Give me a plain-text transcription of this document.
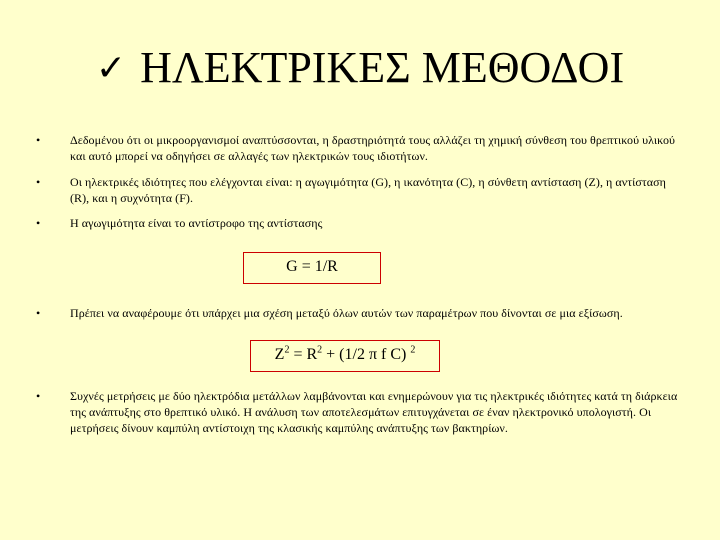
✓ ΗΛΕΚΤΡΙΚΕΣ ΜΕΘΟΔΟΙ
• Δεδομένου ότι οι μικροοργανισμοί αναπτύσσονται, η δραστηριότητά τους αλλάζει τη χημική σύνθεση του θρεπτικού υλικού και αυτό μπορεί να οδηγήσει σε αλλαγές των ηλεκτρικών τους ιδιοτήτων.
• Οι ηλεκτρικές ιδιότητες που ελέγχονται είναι: η αγωγιμότητα (G), η ικανότητα (C), η σύνθετη αντίσταση (Ζ), η αντίσταση (R), και η συχνότητα (F).
• Η αγωγιμότητα είναι το αντίστροφο της αντίστασης
G = 1/R
• Πρέπει να αναφέρουμε ότι υπάρχει μια σχέση μεταξύ όλων αυτών των παραμέτρων που δίνονται σε μια εξίσωση.
$Z^2 = R^2 + (1/2$ π f C) $^2$
• Συχνές μετρήσεις με δύο ηλεκτρόδια μετάλλων λαμβάνονται και ενημερώνουν για τις ηλεκτρικές ιδιότητες κατά τη διάρκεια της ανάπτυξης στο θρεπτικό υλικό. Η ανάλυση των αποτελεσμάτων επιτυγχάνεται σε έναν ηλεκτρονικό υπολογιστή. Οι μετρήσεις δίνουν καμπύλη αντίστοιχη της κλασικής καμπύλης ανάπτυξης των βακτηρίων.
